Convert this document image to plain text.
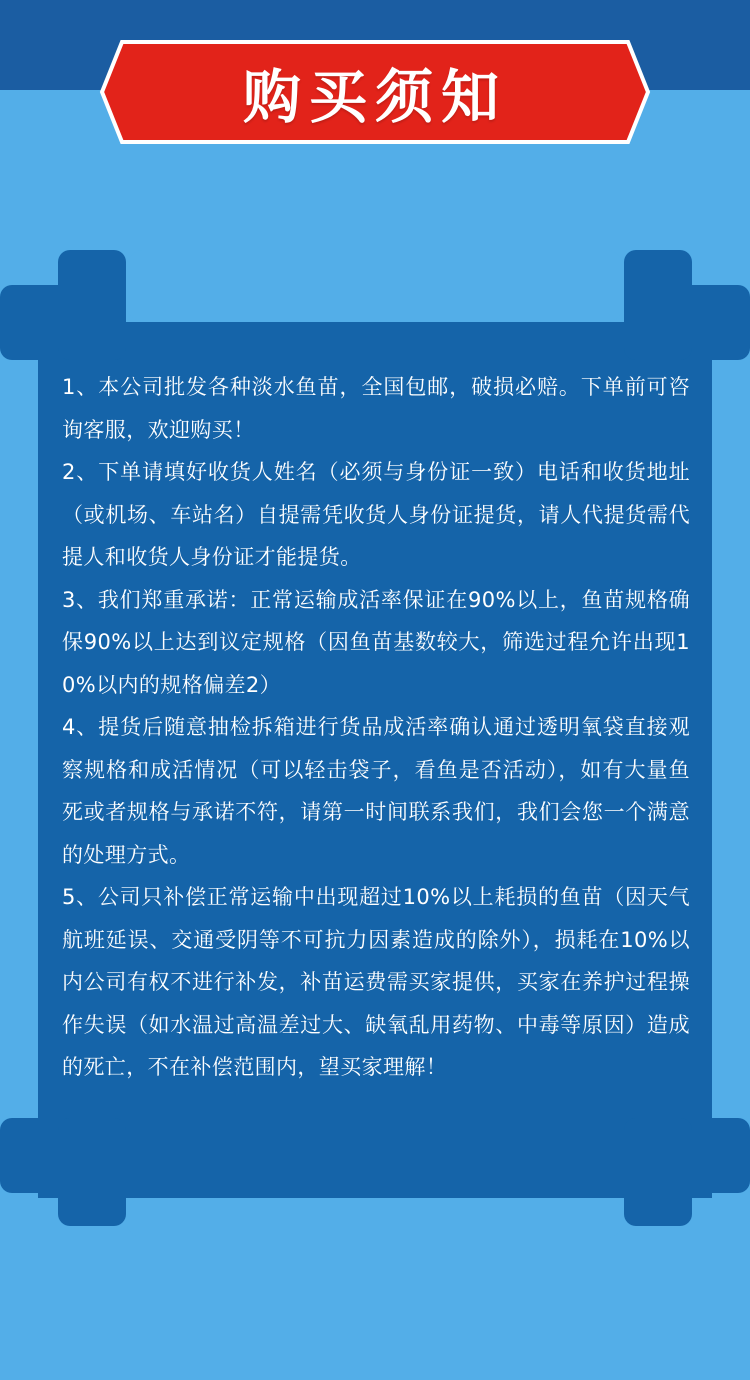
购买须知

1、本公司批发各种淡水鱼苗，全国包邮，破损必赔。下单前可咨询客服，欢迎购买！

2、下单请填好收货人姓名（必须与身份证一致）电话和收货地址（或机场、车站名）自提需凭收货人身份证提货，请人代提货需代提人和收货人身份证才能提货。

3、我们郑重承诺：正常运输成活率保证在90%以上，鱼苗规格确保90%以上达到议定规格（因鱼苗基数较大，筛选过程允许出现10%以内的规格偏差2）

4、提货后随意抽检拆箱进行货品成活率确认通过透明氧袋直接观察规格和成活情况（可以轻击袋子，看鱼是否活动），如有大量鱼死或者规格与承诺不符，请第一时间联系我们，我们会您一个满意的处理方式。

5、公司只补偿正常运输中出现超过10%以上耗损的鱼苗（因天气航班延误、交通受阴等不可抗力因素造成的除外），损耗在10%以内公司有权不进行补发，补苗运费需买家提供，买家在养护过程操作失误（如水温过高温差过大、缺氧乱用药物、中毒等原因）造成的死亡，不在补偿范围内，望买家理解！
